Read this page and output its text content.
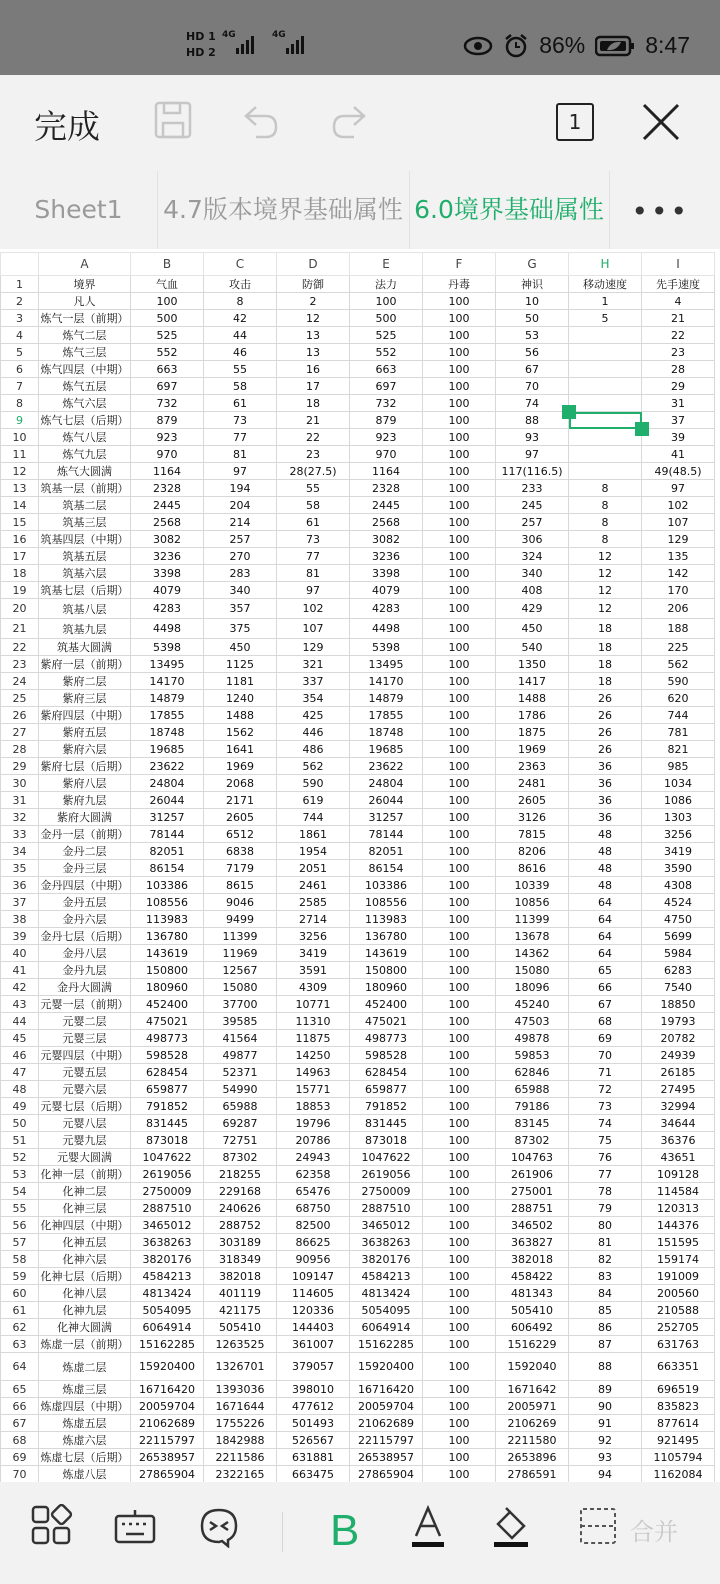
HD 1
HD 2
4G	4G	86%	8:47
完成	1
Sheet1	4.7版本境界基础属性 6.0境界基础属性 •••
	A	B	C	D	E	F	G	H	I
1	境界	气血	攻击	防御	法力	丹毒	神识	移动速度	先手速度
2	凡人	100	8	2	100	100	10	1	4
3	炼气一层（前期）	500	42	12	500	100	50	5	21
4	炼气二层	525	44	13	525	100	53		22
5	炼气三层	552	46	13	552	100	56		23
6	炼气四层（中期）	663	55	16	663	100	67		28
7	炼气五层	697	58	17	697	100	70		29
8	炼气六层	732	61	18	732	100	74		31
9	炼气七层（后期）	879	73	21	879	100	88		37
10	炼气八层	923	77	22	923	100	93		39
11	炼气九层	970	81	23	970	100	97		41
12	炼气大圆满	1164	97	28(27.5)	1164	100	117(116.5)		49(48.5)
13	筑基一层（前期）	2328	194	55	2328	100	233	8	97
14	筑基二层	2445	204	58	2445	100	245	8	102
15	筑基三层	2568	214	61	2568	100	257	8	107
16	筑基四层（中期）	3082	257	73	3082	100	306	8	129
17	筑基五层	3236	270	77	3236	100	324	12	135
18	筑基六层	3398	283	81	3398	100	340	12	142
19	筑基七层（后期）	4079	340	97	4079	100	408	12	170
20	筑基八层	4283	357	102	4283	100	429	12	206
21	筑基九层	4498	375	107	4498	100	450	18	188
22	筑基大圆满	5398	450	129	5398	100	540	18	225
23	紫府一层（前期）	13495	1125	321	13495	100	1350	18	562
24	紫府二层	14170	1181	337	14170	100	1417	18	590
25	紫府三层	14879	1240	354	14879	100	1488	26	620
26	紫府四层（中期）	17855	1488	425	17855	100	1786	26	744
27	紫府五层	18748	1562	446	18748	100	1875	26	781
28	紫府六层	19685	1641	486	19685	100	1969	26	821
29	紫府七层（后期）	23622	1969	562	23622	100	2363	36	985
30	紫府八层	24804	2068	590	24804	100	2481	36	1034
31	紫府九层	26044	2171	619	26044	100	2605	36	1086
32	紫府大圆满	31257	2605	744	31257	100	3126	36	1303
33	金丹一层（前期）	78144	6512	1861	78144	100	7815	48	3256
34	金丹二层	82051	6838	1954	82051	100	8206	48	3419
35	金丹三层	86154	7179	2051	86154	100	8616	48	3590
36	金丹四层（中期）	103386	8615	2461	103386	100	10339	48	4308
37	金丹五层	108556	9046	2585	108556	100	10856	64	4524
38	金丹六层	113983	9499	2714	113983	100	11399	64	4750
39	金丹七层（后期）	136780	11399	3256	136780	100	13678	64	5699
40	金丹八层	143619	11969	3419	143619	100	14362	64	5984
41	金丹九层	150800	12567	3591	150800	100	15080	65	6283
42	金丹大圆满	180960	15080	4309	180960	100	18096	66	7540
43	元婴一层（前期）	452400	37700	10771	452400	100	45240	67	18850
44	元婴二层	475021	39585	11310	475021	100	47503	68	19793
45	元婴三层	498773	41564	11875	498773	100	49878	69	20782
46	元婴四层（中期）	598528	49877	14250	598528	100	59853	70	24939
47	元婴五层	628454	52371	14963	628454	100	62846	71	26185
48	元婴六层	659877	54990	15771	659877	100	65988	72	27495
49	元婴七层（后期）	791852	65988	18853	791852	100	79186	73	32994
50	元婴八层	831445	69287	19796	831445	100	83145	74	34644
51	元婴九层	873018	72751	20786	873018	100	87302	75	36376
52	元婴大圆满	1047622	87302	24943	1047622	100	104763	76	43651
53	化神一层（前期）	2619056	218255	62358	2619056	100	261906	77	109128
54	化神二层	2750009	229168	65476	2750009	100	275001	78	114584
55	化神三层	2887510	240626	68750	2887510	100	288751	79	120313
56	化神四层（中期）	3465012	288752	82500	3465012	100	346502	80	144376
57	化神五层	3638263	303189	86625	3638263	100	363827	81	151595
58	化神六层	3820176	318349	90956	3820176	100	382018	82	159174
59	化神七层（后期）	4584213	382018	109147	4584213	100	458422	83	191009
60	化神八层	4813424	401119	114605	4813424	100	481343	84	200560
61	化神九层	5054095	421175	120336	5054095	100	505410	85	210588
62	化神大圆满	6064914	505410	144403	6064914	100	606492	86	252705
63	炼虚一层（前期）	15162285	1263525	361007	15162285	100	1516229	87	631763
64	炼虚二层	15920400	1326701	379057	15920400	100	1592040	88	663351
65	炼虚三层	16716420	1393036	398010	16716420	100	1671642	89	696519
66	炼虚四层（中期）	20059704	1671644	477612	20059704	100	2005971	90	835823
67	炼虚五层	21062689	1755226	501493	21062689	100	2106269	91	877614
68	炼虚六层	22115797	1842988	526567	22115797	100	2211580	92	921495
69	炼虚七层（后期）	26538957	2211586	631881	26538957	100	2653896	93	1105794
70	炼虚八层	27865904	2322165	663475	27865904	100	2786591	94	1162084

B	合并
